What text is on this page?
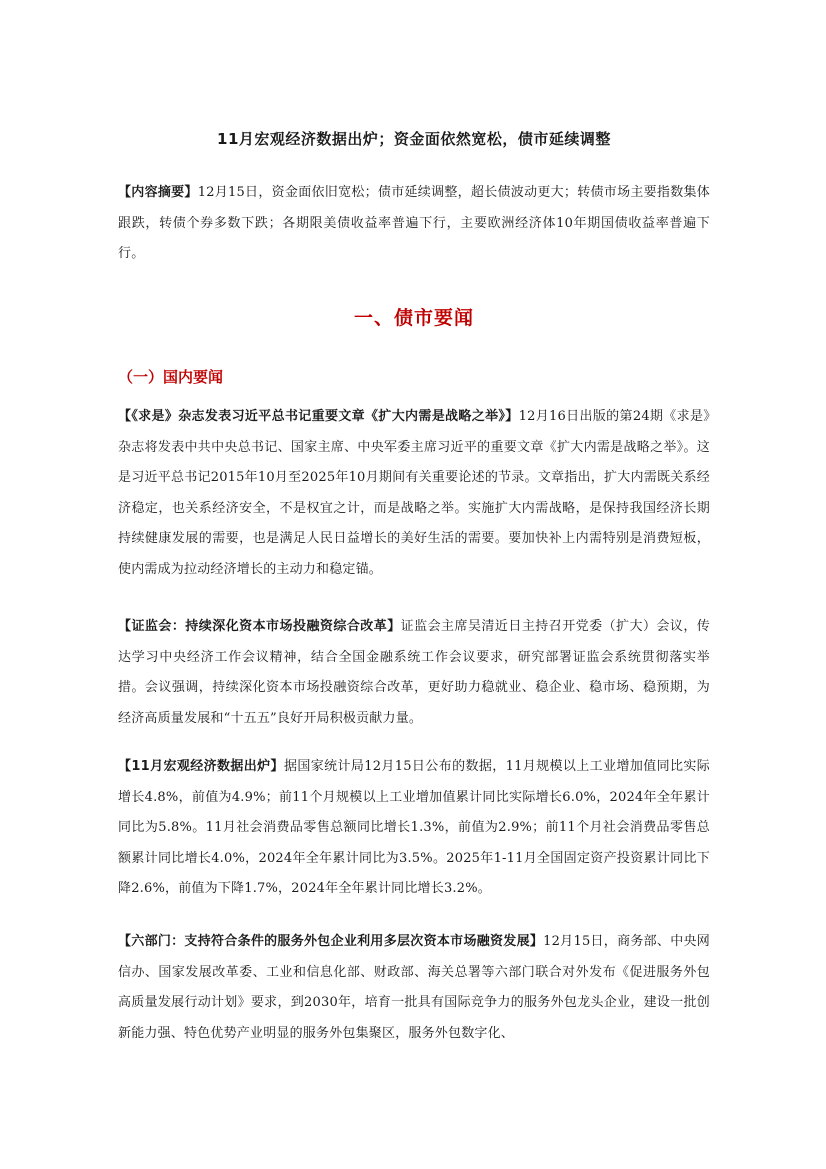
11月宏观经济数据出炉；资金面依然宽松，债市延续调整
【内容摘要】12月15日，资金面依旧宽松；债市延续调整，超长债波动更大；转债市场主要指数集体跟跌，转债个券多数下跌；各期限美债收益率普遍下行，主要欧洲经济体10年期国债收益率普遍下行。
一、债市要闻
（一）国内要闻
【《求是》杂志发表习近平总书记重要文章《扩大内需是战略之举》】12月16日出版的第24期《求是》杂志将发表中共中央总书记、国家主席、中央军委主席习近平的重要文章《扩大内需是战略之举》。这是习近平总书记2015年10月至2025年10月期间有关重要论述的节录。文章指出，扩大内需既关系经济稳定，也关系经济安全，不是权宜之计，而是战略之举。实施扩大内需战略，是保持我国经济长期持续健康发展的需要，也是满足人民日益增长的美好生活的需要。要加快补上内需特别是消费短板，使内需成为拉动经济增长的主动力和稳定锚。
【证监会：持续深化资本市场投融资综合改革】证监会主席吴清近日主持召开党委（扩大）会议，传达学习中央经济工作会议精神，结合全国金融系统工作会议要求，研究部署证监会系统贯彻落实举措。会议强调，持续深化资本市场投融资综合改革，更好助力稳就业、稳企业、稳市场、稳预期，为经济高质量发展和“十五五”良好开局积极贡献力量。
【11月宏观经济数据出炉】据国家统计局12月15日公布的数据，11月规模以上工业增加值同比实际增长4.8%，前值为4.9%；前11个月规模以上工业增加值累计同比实际增长6.0%，2024年全年累计同比为5.8%。11月社会消费品零售总额同比增长1.3%，前值为2.9%；前11个月社会消费品零售总额累计同比增长4.0%，2024年全年累计同比为3.5%。2025年1-11月全国固定资产投资累计同比下降2.6%，前值为下降1.7%，2024年全年累计同比增长3.2%。
【六部门：支持符合条件的服务外包企业利用多层次资本市场融资发展】12月15日，商务部、中央网信办、国家发展改革委、工业和信息化部、财政部、海关总署等六部门联合对外发布《促进服务外包高质量发展行动计划》要求，到2030年，培育一批具有国际竞争力的服务外包龙头企业，建设一批创新能力强、特色优势产业明显的服务外包集聚区，服务外包数字化、
